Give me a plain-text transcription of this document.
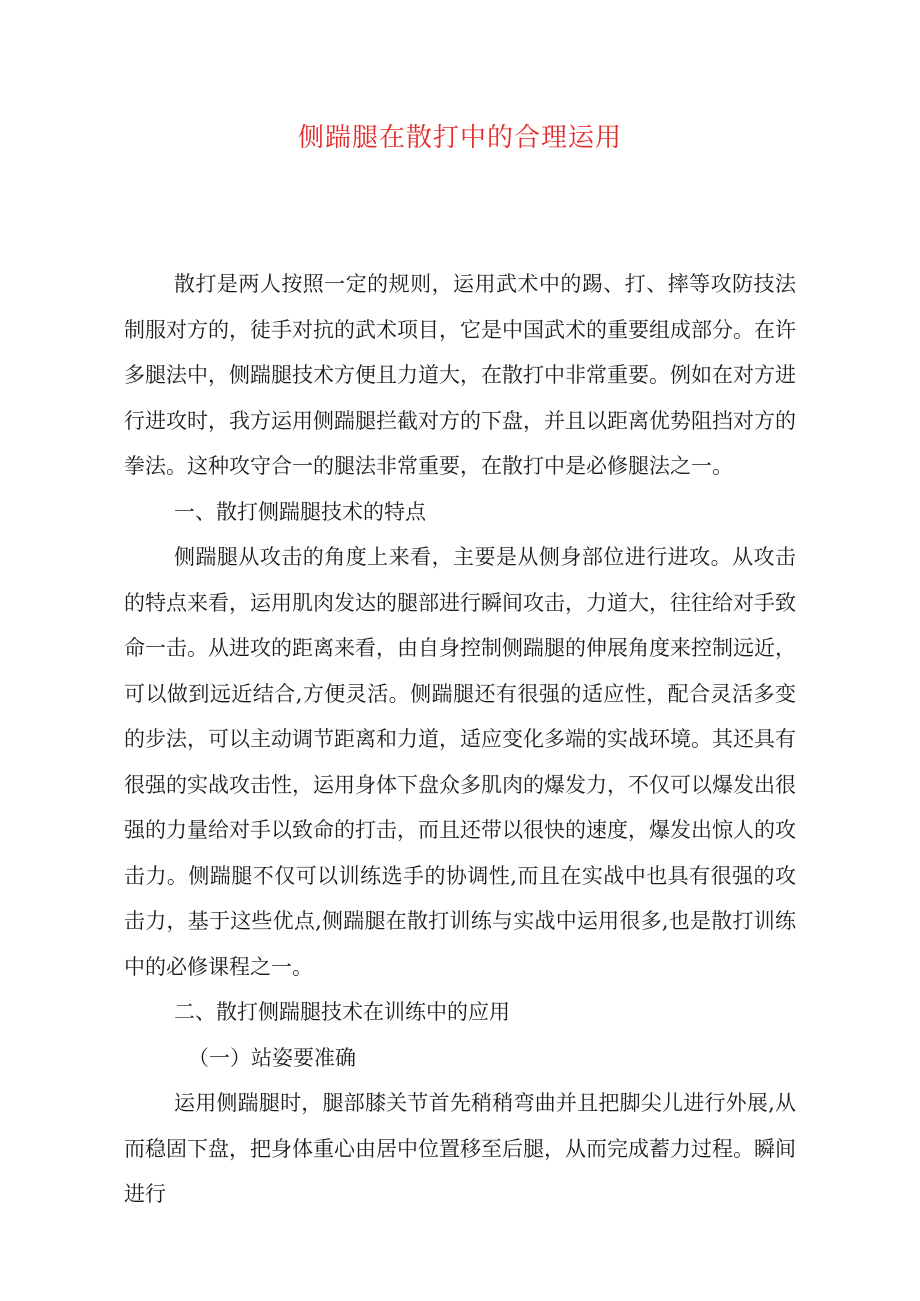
侧踹腿在散打中的合理运用

散打是两人按照一定的规则，运用武术中的踢、打、摔等攻防技法制服对方的，徒手对抗的武术项目，它是中国武术的重要组成部分。在许多腿法中，侧踹腿技术方便且力道大，在散打中非常重要。例如在对方进行进攻时，我方运用侧踹腿拦截对方的下盘，并且以距离优势阻挡对方的拳法。这种攻守合一的腿法非常重要，在散打中是必修腿法之一。

一、散打侧踹腿技术的特点

侧踹腿从攻击的角度上来看，主要是从侧身部位进行进攻。从攻击的特点来看，运用肌肉发达的腿部进行瞬间攻击，力道大，往往给对手致命一击。从进攻的距离来看，由自身控制侧踹腿的伸展角度来控制远近，可以做到远近结合,方便灵活。侧踹腿还有很强的适应性，配合灵活多变的步法，可以主动调节距离和力道，适应变化多端的实战环境。其还具有很强的实战攻击性，运用身体下盘众多肌肉的爆发力，不仅可以爆发出很强的力量给对手以致命的打击，而且还带以很快的速度，爆发出惊人的攻击力。侧踹腿不仅可以训练选手的协调性,而且在实战中也具有很强的攻击力，基于这些优点,侧踹腿在散打训练与实战中运用很多,也是散打训练中的必修课程之一。

二、散打侧踹腿技术在训练中的应用

（一）站姿要准确

运用侧踹腿时，腿部膝关节首先稍稍弯曲并且把脚尖儿进行外展,从而稳固下盘，把身体重心由居中位置移至后腿，从而完成蓄力过程。瞬间进行
